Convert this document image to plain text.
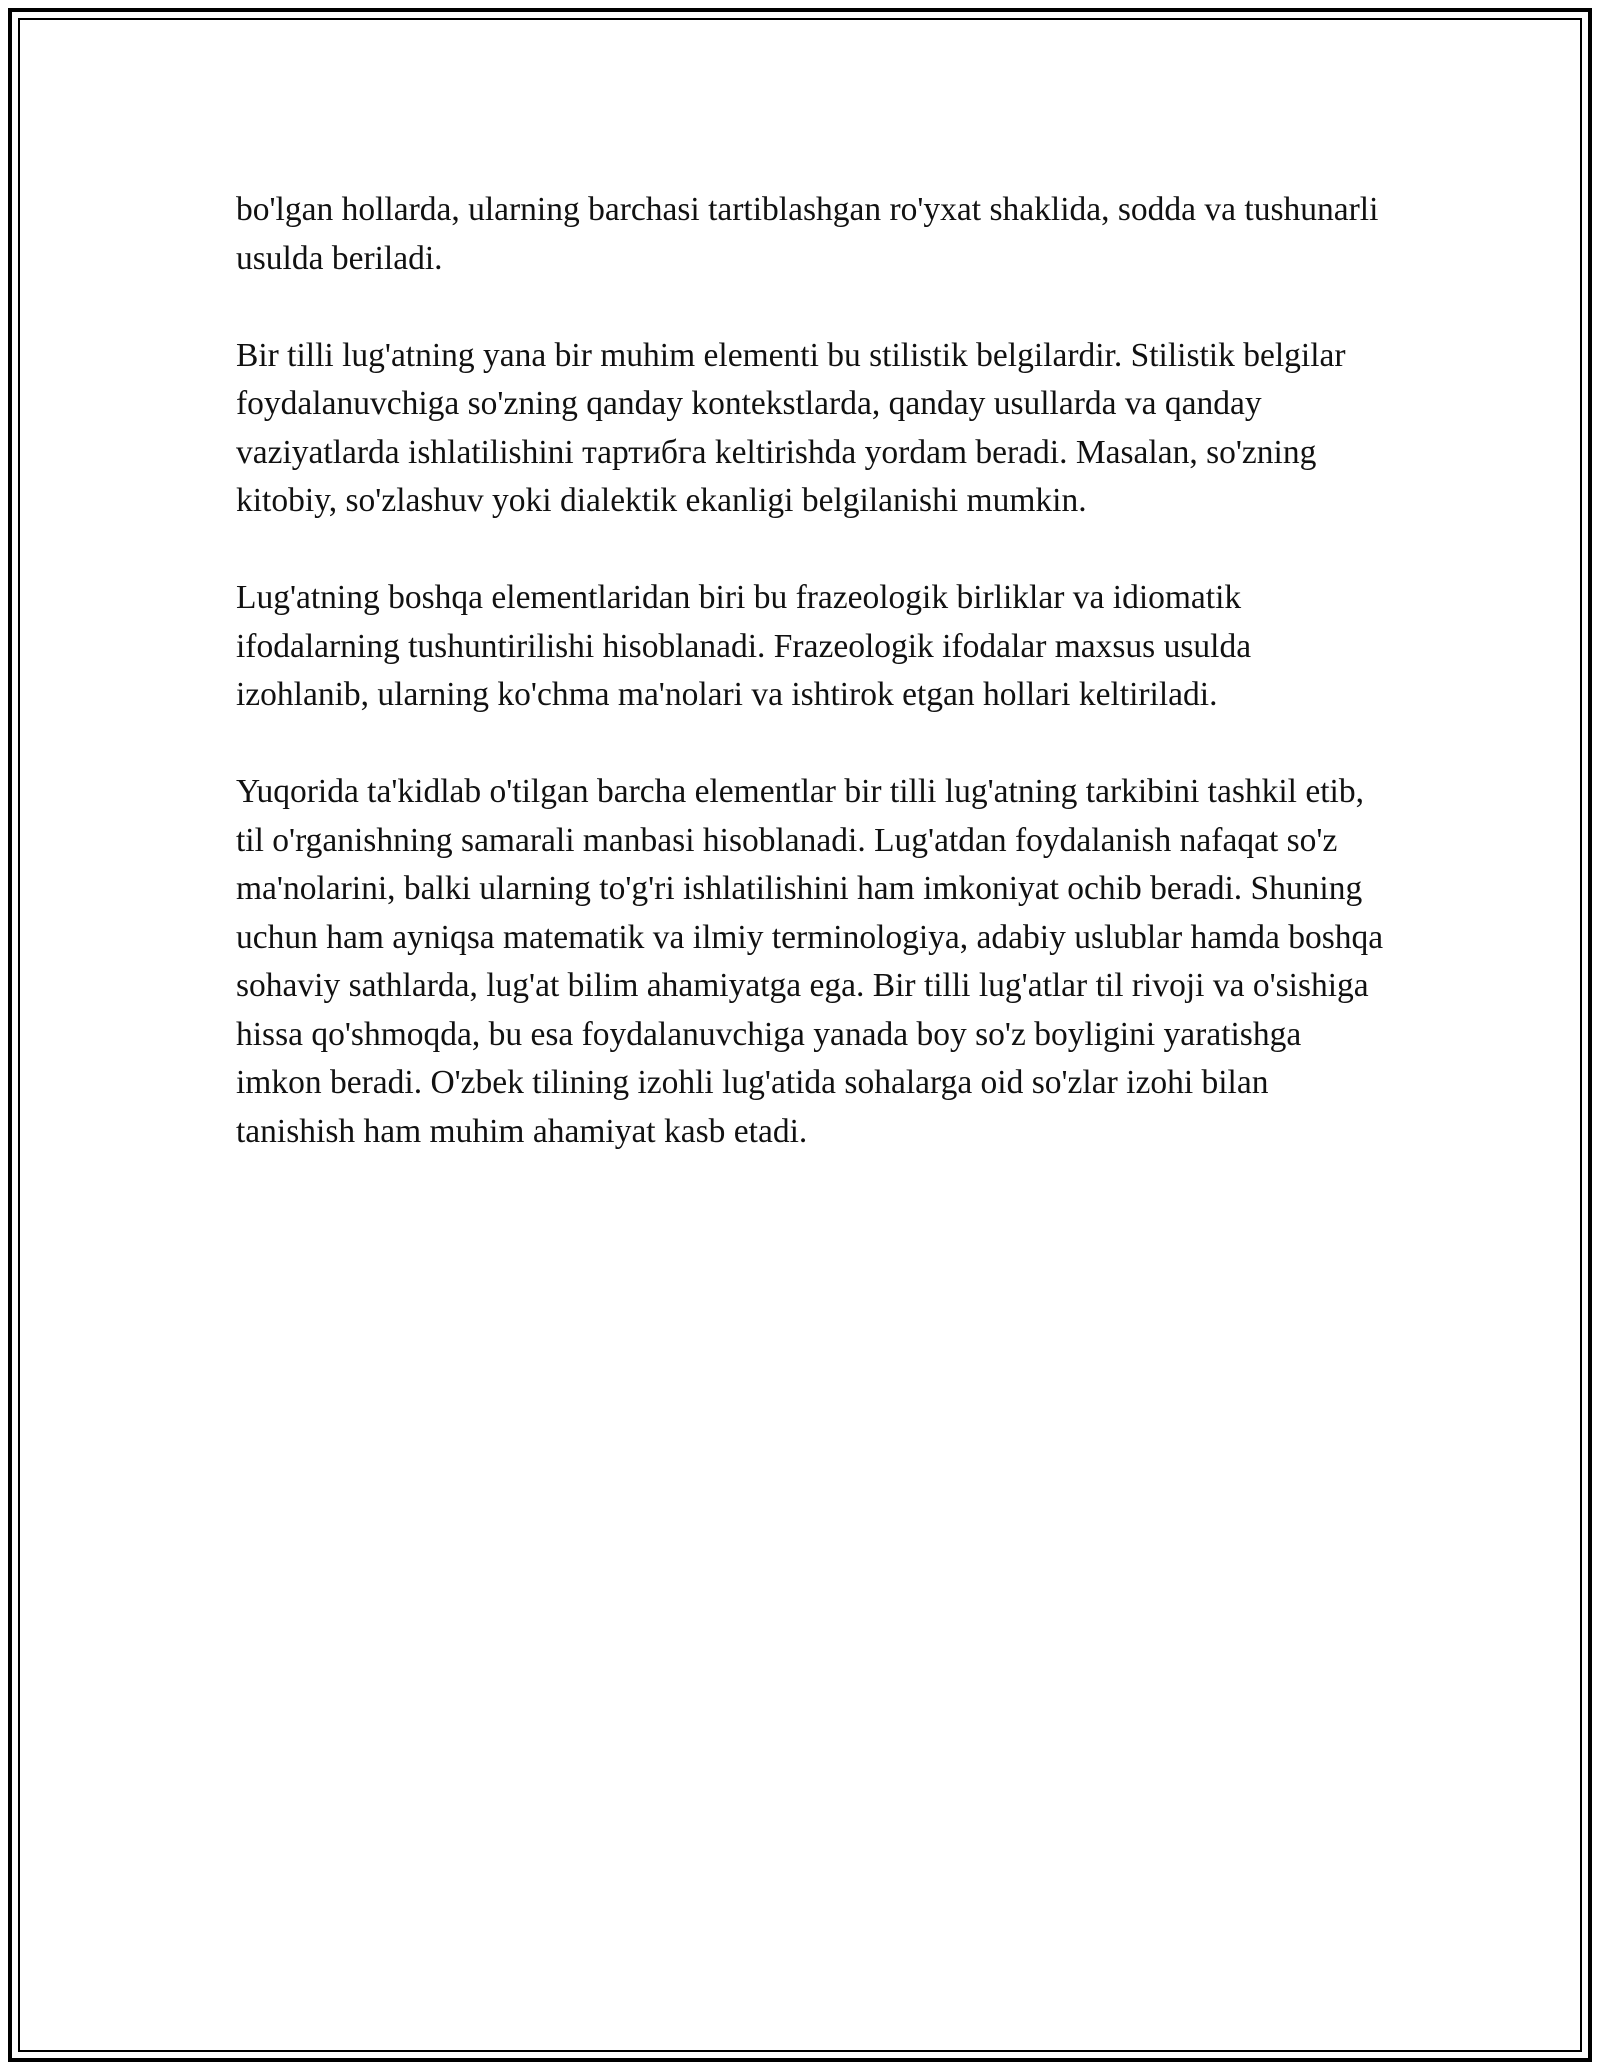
bo'lgan hollarda, ularning barchasi tartiblashgan ro'yxat shaklida, sodda va tushunarli usulda beriladi.

Bir tilli lug'atning yana bir muhim elementi bu stilistik belgilardir. Stilistik belgilar foydalanuvchiga so'zning qanday kontekstlarda, qanday usullarda va qanday vaziyatlarda ishlatilishini тартибга keltirishda yordam beradi. Masalan, so'zning kitobiy, so'zlashuv yoki dialektik ekanligi belgilanishi mumkin.

Lug'atning boshqa elementlaridan biri bu frazeologik birliklar va idiomatik ifodalarning tushuntirilishi hisoblanadi. Frazeologik ifodalar maxsus usulda izohlanib, ularning ko'chma ma'nolari va ishtirok etgan hollari keltiriladi.

Yuqorida ta'kidlab o'tilgan barcha elementlar bir tilli lug'atning tarkibini tashkil etib, til o'rganishning samarali manbasi hisoblanadi. Lug'atdan foydalanish nafaqat so'z ma'nolarini, balki ularning to'g'ri ishlatilishini ham imkoniyat ochib beradi. Shuning uchun ham ayniqsa matematik va ilmiy terminologiya, adabiy uslublar hamda boshqa sohaviy sathlarda, lug'at bilim ahamiyatga ega. Bir tilli lug'atlar til rivoji va o'sishiga hissa qo'shmoqda, bu esa foydalanuvchiga yanada boy so'z boyligini yaratishga imkon beradi. O'zbek tilining izohli lug'atida sohalarga oid so'zlar izohi bilan tanishish ham muhim ahamiyat kasb etadi.
